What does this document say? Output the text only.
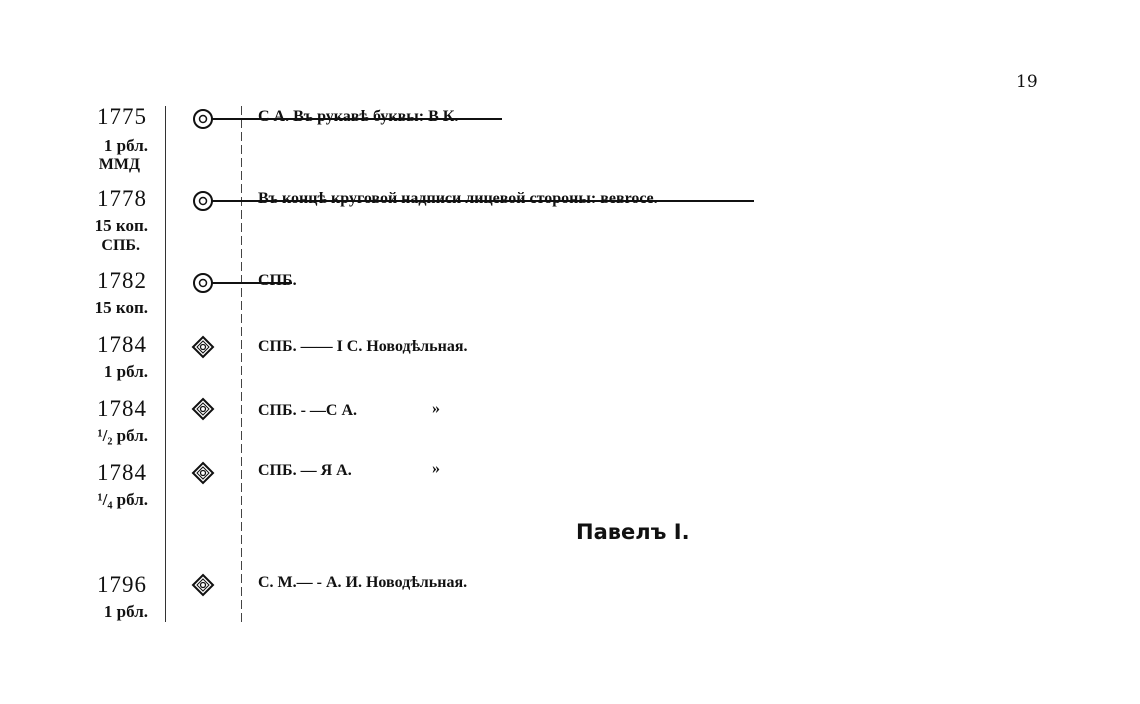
19
1775
1 рбл.
ММД
С А. Въ рукавѣ буквы: В К.
1778
15 коп.
СПБ.
Въ концѣ круговой надписи лицевой стороны: вeвroce.
1782
15 коп.
СПБ.
1784
1 рбл.
СПБ. —— I С. Новодѣльная.
1784
¹/₂ рбл.
СПБ. - —С А.	»
1784
¹/₄ рбл.
СПБ. — Я А.	»
Павелъ I.
1796
1 рбл.
С. М.— - А. И. Новодѣльная.
